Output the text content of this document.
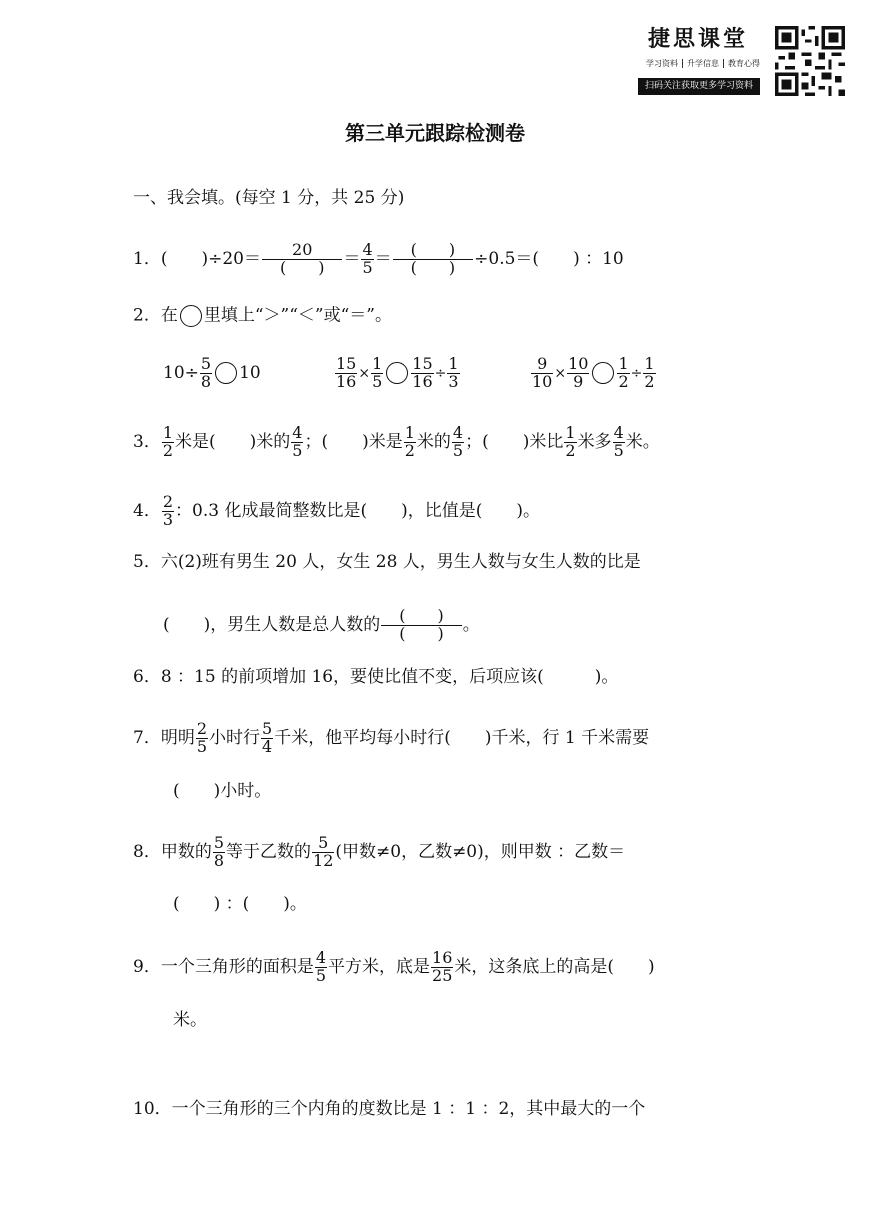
捷思课堂
学习资料 升学信息 教育心得
扫码关注获取更多学习资料
第三单元跟踪检测卷
一、我会填。(每空 1 分，共 25 分)
1．(　　)$\div 20= \frac{20}{( )} = \frac{4}{5} = \frac{( )}{( )} \div 0.5=$(　　) ：10
2．在 里填上“＞”“＜”或“＝”。
$10\div \frac{5}{8} 10$	$\frac{15}{16} \times \frac{1}{5} \frac{15}{16} \div \frac{1}{3}$	$\frac{9}{10} \times \frac{10}{9} \frac{1}{2} \div \frac{1}{2}$
3． $\frac{1}{2}$ 米是(　　)米的 $\frac{4}{5}$ ；(　　)米是 $\frac{1}{2}$ 米的 $\frac{4}{5}$ ；(　　)米比 $\frac{1}{2}$ 米多 $\frac{4}{5}$ 米。
4． $\frac{2}{3}$ ：0.3 化成最简整数比是(　　)，比值是(　　)。
5．六(2)班有男生 20 人，女生 28 人，男生人数与女生人数的比是
(　　)，男生人数是总人数的 $\frac{( )}{( )}$ 。
6．8 ：15 的前项增加 16，要使比值不变，后项应该(　　　)。
7．明明 $\frac{2}{5}$ 小时行 $\frac{5}{4}$ 千米，他平均每小时行(　　)千米，行 1 千米需要
(　　)小时。
8．甲数的 $\frac{5}{8}$ 等于乙数的 $\frac{5}{12}$ (甲数≠0，乙数≠0)，则甲数 ：乙数＝
(　　) ：(　　)。
9．一个三角形的面积是 $\frac{4}{5}$ 平方米，底是 $\frac{16}{25}$ 米，这条底上的高是(　　)
米。
10．一个三角形的三个内角的度数比是 1 ：1 ：2，其中最大的一个
